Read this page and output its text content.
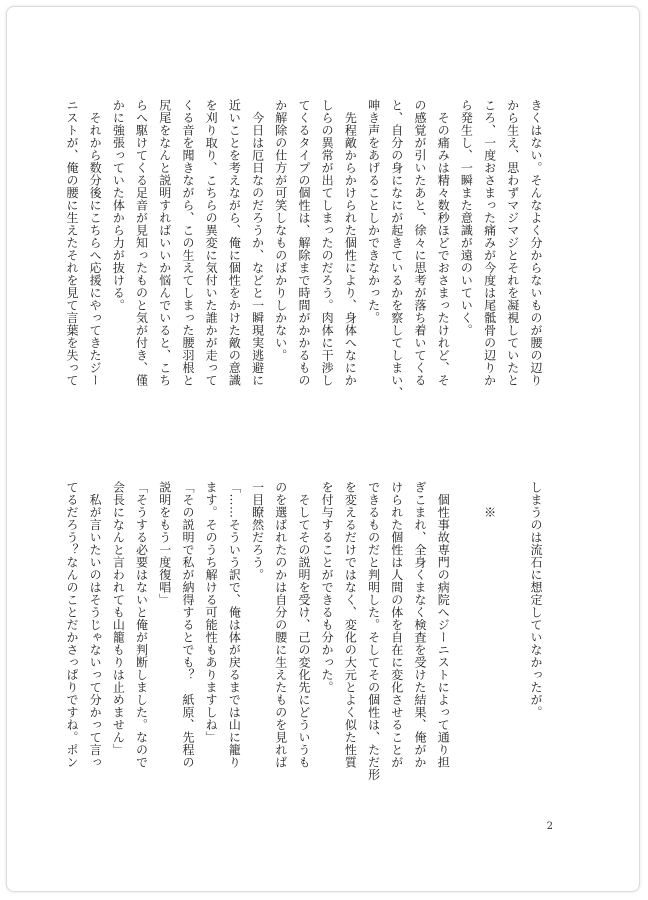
きくはない。そんなよく分からないものが腰の辺り
から生え、思わずマジマジとそれを凝視していたと
ころ、一度おさまった痛みが今度は尾骶骨の辺りか
ら発生し、一瞬また意識が遠のいていく。
　その痛みは精々数秒ほどでおさまったけれど、そ
の感覚が引いたあと、徐々に思考が落ち着いてくる
と、自分の身になにが起きているかを察してしまい、
呻き声をあげることしかできなかった。
　先程敵からかけられた個性により、身体へなにか
しらの異常が出てしまったのだろう。肉体に干渉し
てくるタイプの個性は、解除まで時間がかかるもの
か解除の仕方が可笑しなものばかりしかない。
　今日は厄日なのだろうか、などと一瞬現実逃避に
近いことを考えながら、俺に個性をかけた敵の意識
を刈り取り、こちらの異変に気付いた誰かが走って
くる音を聞きながら、この生えてしまった腰羽根と
尻尾をなんと説明すればいいか悩んでいると、こち
らへ駆けてくる足音が見知ったものと気が付き、僅
かに強張っていた体から力が抜ける。
　それから数分後にこちらへ応援にやってきたジー
ニストが、俺の腰に生えたそれを見て言葉を失って
しまうのは流石に想定していなかったが。

　　※

　個性事故専門の病院へジーニストによって通り担
ぎこまれ、全身くまなく検査を受けた結果、俺がか
けられた個性は人間の体を自在に変化させることが
できるものだと判明した。そしてその個性は、ただ形
を変えるだけではなく、変化の大元とよく似た性質
を付与することができるも分かった。
　そしてその説明を受け、己の変化先にどういうも
のを選ばれたのかは自分の腰に生えたものを見れば
一目瞭然だろう。
「……そういう訳で、俺は体が戻るまでは山に籠り
ます。そのうち解ける可能性もありますしね」
「その説明で私が納得するとでも？　紙原、先程の
説明をもう一度復唱」
「そうする必要はないと俺が判断しました。なので
会長になんと言われても山籠もりは止めません」
　私が言いたいのはそうじゃないって分かって言っ
てるだろう？なんのことだかさっぱりですね。ポン
2
